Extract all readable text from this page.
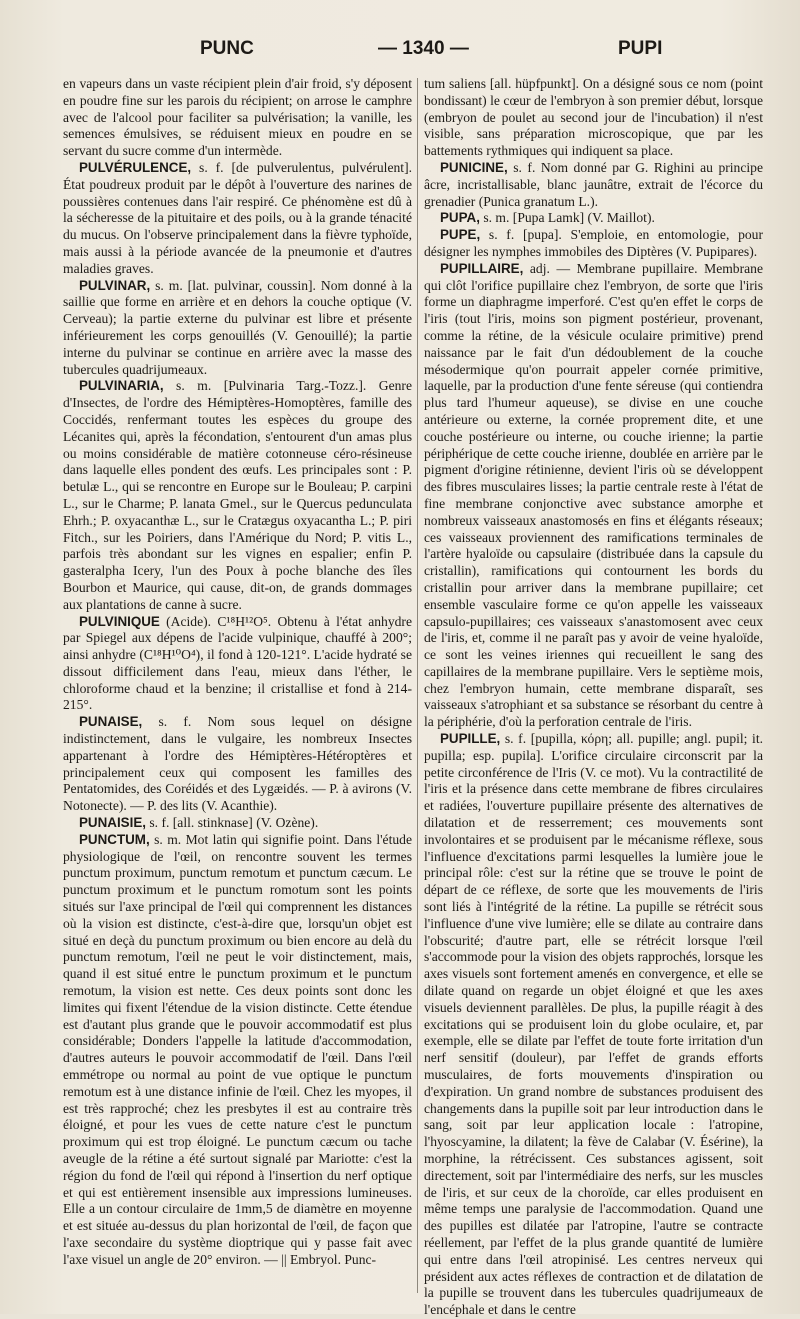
PUNC	— 1340 —	PUPI

en vapeurs dans un vaste récipient plein d'air froid, s'y déposent en poudre fine sur les parois du récipient; on arrose le camphre avec de l'alcool pour faciliter sa pulvérisation; la vanille, les semences émulsives, se réduisent mieux en poudre en se servant du sucre comme d'un intermède.

PULVÉRULENCE, s. f. [de pulverulentus, pulvérulent]. État poudreux produit par le dépôt à l'ouverture des narines de poussières contenues dans l'air respiré. Ce phénomène est dû à la sécheresse de la pituitaire et des poils, ou à la grande ténacité du mucus. On l'observe principalement dans la fièvre typhoïde, mais aussi à la période avancée de la pneumonie et d'autres maladies graves.

PULVINAR, s. m. [lat. pulvinar, coussin]. Nom donné à la saillie que forme en arrière et en dehors la couche optique (V. Cerveau); la partie externe du pulvinar est libre et présente inférieurement les corps genouillés (V. Genouillé); la partie interne du pulvinar se continue en arrière avec la masse des tubercules quadrijumeaux.

PULVINARIA, s. m. [Pulvinaria Targ.-Tozz.]. Genre d'Insectes, de l'ordre des Hémiptères-Homoptères, famille des Coccidés, renfermant toutes les espèces du groupe des Lécanites qui, après la fécondation, s'entourent d'un amas plus ou moins considérable de matière cotonneuse céro-résineuse dans laquelle elles pondent des œufs. Les principales sont : P. betulæ L., qui se rencontre en Europe sur le Bouleau; P. carpini L., sur le Charme; P. lanata Gmel., sur le Quercus pedunculata Ehrh.; P. oxyacanthæ L., sur le Cratægus oxyacantha L.; P. piri Fitch., sur les Poiriers, dans l'Amérique du Nord; P. vitis L., parfois très abondant sur les vignes en espalier; enfin P. gasteralpha Icery, l'un des Poux à poche blanche des îles Bourbon et Maurice, qui cause, dit-on, de grands dommages aux plantations de canne à sucre.

PULVINIQUE (Acide). C¹⁸H¹²O⁵. Obtenu à l'état anhydre par Spiegel aux dépens de l'acide vulpinique, chauffé à 200°; ainsi anhydre (C¹⁸H¹⁰O⁴), il fond à 120-121°. L'acide hydraté se dissout difficilement dans l'eau, mieux dans l'éther, le chloroforme chaud et la benzine; il cristallise et fond à 214-215°.

PUNAISE, s. f. Nom sous lequel on désigne indistinctement, dans le vulgaire, les nombreux Insectes appartenant à l'ordre des Hémiptères-Hétéroptères et principalement ceux qui composent les familles des Pentatomides, des Coréidés et des Lygæidés. — P. à avirons (V. Notonecte). — P. des lits (V. Acanthie).

PUNAISIE, s. f. [all. stinknase] (V. Ozène).

PUNCTUM, s. m. Mot latin qui signifie point. Dans l'étude physiologique de l'œil, on rencontre souvent les termes punctum proximum, punctum remotum et punctum cæcum. Le punctum proximum et le punctum romotum sont les points situés sur l'axe principal de l'œil qui comprennent les distances où la vision est distincte, c'est-à-dire que, lorsqu'un objet est situé en deçà du punctum proximum ou bien encore au delà du punctum remotum, l'œil ne peut le voir distinctement, mais, quand il est situé entre le punctum proximum et le punctum remotum, la vision est nette. Ces deux points sont donc les limites qui fixent l'étendue de la vision distincte. Cette étendue est d'autant plus grande que le pouvoir accommodatif est plus considérable; Donders l'appelle la latitude d'accommodation, d'autres auteurs le pouvoir accommodatif de l'œil. Dans l'œil emmétrope ou normal au point de vue optique le punctum remotum est à une distance infinie de l'œil. Chez les myopes, il est très rapproché; chez les presbytes il est au contraire très éloigné, et pour les vues de cette nature c'est le punctum proximum qui est trop éloigné. Le punctum cæcum ou tache aveugle de la rétine a été surtout signalé par Mariotte: c'est la région du fond de l'œil qui répond à l'insertion du nerf optique et qui est entièrement insensible aux impressions lumineuses. Elle a un contour circulaire de 1mm,5 de diamètre en moyenne et est située au-dessus du plan horizontal de l'œil, de façon que l'axe secondaire du système dioptrique qui y passe fait avec l'axe visuel un angle de 20° environ. — || Embryol. Punc-

tum saliens [all. hüpfpunkt]. On a désigné sous ce nom (point bondissant) le cœur de l'embryon à son premier début, lorsque (embryon de poulet au second jour de l'incubation) il n'est visible, sans préparation microscopique, que par les battements rythmiques qui indiquent sa place.

PUNICINE, s. f. Nom donné par G. Righini au principe âcre, incristallisable, blanc jaunâtre, extrait de l'écorce du grenadier (Punica granatum L.).

PUPA, s. m. [Pupa Lamk] (V. Maillot).

PUPE, s. f. [pupa]. S'emploie, en entomologie, pour désigner les nymphes immobiles des Diptères (V. Pupipares).

PUPILLAIRE, adj. — Membrane pupillaire. Membrane qui clôt l'orifice pupillaire chez l'embryon, de sorte que l'iris forme un diaphragme imperforé. C'est qu'en effet le corps de l'iris (tout l'iris, moins son pigment postérieur, provenant, comme la rétine, de la vésicule oculaire primitive) prend naissance par le fait d'un dédoublement de la couche mésodermique qu'on pourrait appeler cornée primitive, laquelle, par la production d'une fente séreuse (qui contiendra plus tard l'humeur aqueuse), se divise en une couche antérieure ou externe, la cornée proprement dite, et une couche postérieure ou interne, ou couche irienne; la partie périphérique de cette couche irienne, doublée en arrière par le pigment d'origine rétinienne, devient l'iris où se développent des fibres musculaires lisses; la partie centrale reste à l'état de fine membrane conjonctive avec substance amorphe et nombreux vaisseaux anastomosés en fins et élégants réseaux; ces vaisseaux proviennent des ramifications terminales de l'artère hyaloïde ou capsulaire (distribuée dans la capsule du cristallin), ramifications qui contournent les bords du cristallin pour arriver dans la membrane pupillaire; cet ensemble vasculaire forme ce qu'on appelle les vaisseaux capsulo-pupillaires; ces vaisseaux s'anastomosent avec ceux de l'iris, et, comme il ne paraît pas y avoir de veine hyaloïde, ce sont les veines iriennes qui recueillent le sang des capillaires de la membrane pupillaire. Vers le septième mois, chez l'embryon humain, cette membrane disparaît, ses vaisseaux s'atrophiant et sa substance se résorbant du centre à la périphérie, d'où la perforation centrale de l'iris.

PUPILLE, s. f. [pupilla, κόρη; all. pupille; angl. pupil; it. pupilla; esp. pupila]. L'orifice circulaire circonscrit par la petite circonférence de l'Iris (V. ce mot). Vu la contractilité de l'iris et la présence dans cette membrane de fibres circulaires et radiées, l'ouverture pupillaire présente des alternatives de dilatation et de resserrement; ces mouvements sont involontaires et se produisent par le mécanisme réflexe, sous l'influence d'excitations parmi lesquelles la lumière joue le principal rôle: c'est sur la rétine que se trouve le point de départ de ce réflexe, de sorte que les mouvements de l'iris sont liés à l'intégrité de la rétine. La pupille se rétrécit sous l'influence d'une vive lumière; elle se dilate au contraire dans l'obscurité; d'autre part, elle se rétrécit lorsque l'œil s'accommode pour la vision des objets rapprochés, lorsque les axes visuels sont fortement amenés en convergence, et elle se dilate quand on regarde un objet éloigné et que les axes visuels deviennent parallèles. De plus, la pupille réagit à des excitations qui se produisent loin du globe oculaire, et, par exemple, elle se dilate par l'effet de toute forte irritation d'un nerf sensitif (douleur), par l'effet de grands efforts musculaires, de forts mouvements d'inspiration ou d'expiration. Un grand nombre de substances produisent des changements dans la pupille soit par leur introduction dans le sang, soit par leur application locale : l'atropine, l'hyoscyamine, la dilatent; la fève de Calabar (V. Ésérine), la morphine, la rétrécissent. Ces substances agissent, soit directement, soit par l'intermédiaire des nerfs, sur les muscles de l'iris, et sur ceux de la choroïde, car elles produisent en même temps une paralysie de l'accommodation. Quand une des pupilles est dilatée par l'atropine, l'autre se contracte réellement, par l'effet de la plus grande quantité de lumière qui entre dans l'œil atropinisé. Les centres nerveux qui président aux actes réflexes de contraction et de dilatation de la pupille se trouvent dans les tubercules quadrijumeaux de l'encéphale et dans le centre
